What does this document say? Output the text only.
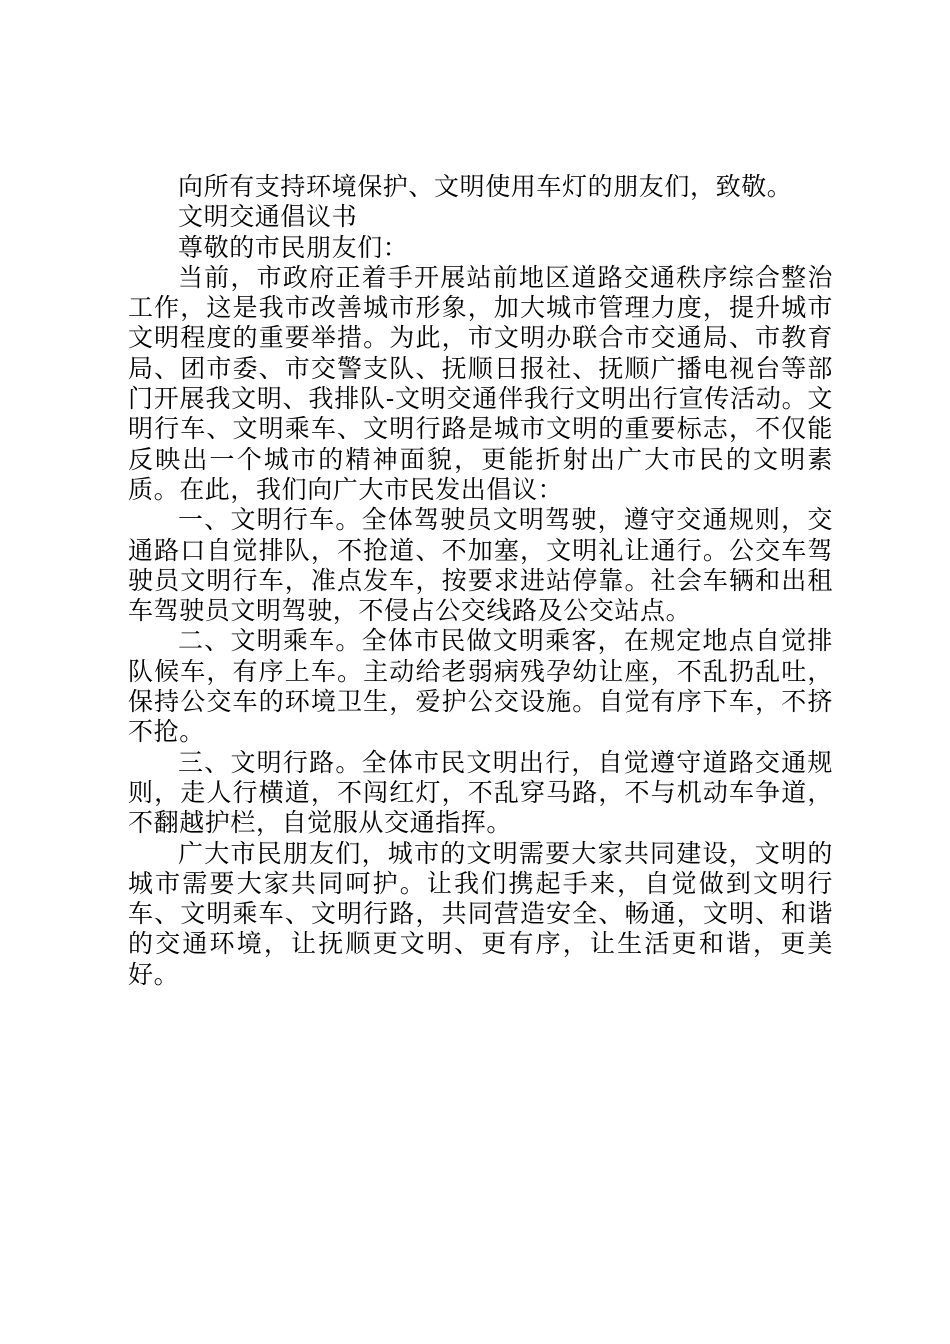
向所有支持环境保护、文明使用车灯的朋友们，致敬。

文明交通倡议书

尊敬的市民朋友们：

当前，市政府正着手开展站前地区道路交通秩序综合整治工作，这是我市改善城市形象，加大城市管理力度，提升城市文明程度的重要举措。为此，市文明办联合市交通局、市教育局、团市委、市交警支队、抚顺日报社、抚顺广播电视台等部门开展我文明、我排队-文明交通伴我行文明出行宣传活动。文明行车、文明乘车、文明行路是城市文明的重要标志，不仅能反映出一个城市的精神面貌，更能折射出广大市民的文明素质。在此，我们向广大市民发出倡议：

一、文明行车。全体驾驶员文明驾驶，遵守交通规则，交通路口自觉排队，不抢道、不加塞，文明礼让通行。公交车驾驶员文明行车，准点发车，按要求进站停靠。社会车辆和出租车驾驶员文明驾驶，不侵占公交线路及公交站点。

二、文明乘车。全体市民做文明乘客，在规定地点自觉排队候车，有序上车。主动给老弱病残孕幼让座，不乱扔乱吐，保持公交车的环境卫生，爱护公交设施。自觉有序下车，不挤不抢。

三、文明行路。全体市民文明出行，自觉遵守道路交通规则，走人行横道，不闯红灯，不乱穿马路，不与机动车争道，不翻越护栏，自觉服从交通指挥。

广大市民朋友们，城市的文明需要大家共同建设，文明的城市需要大家共同呵护。让我们携起手来，自觉做到文明行车、文明乘车、文明行路，共同营造安全、畅通，文明、和谐的交通环境，让抚顺更文明、更有序，让生活更和谐，更美好。
